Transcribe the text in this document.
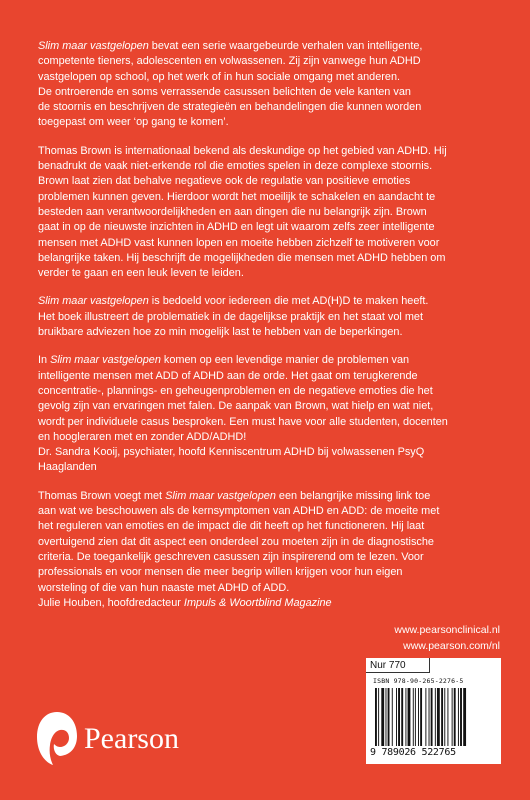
Slim maar vastgelopen bevat een serie waargebeurde verhalen van intelligente,

competente tieners, adolescenten en volwassenen. Zij zijn vanwege hun ADHD

vastgelopen op school, op het werk of in hun sociale omgang met anderen.

De ontroerende en soms verrassende casussen belichten de vele kanten van

de stoornis en beschrijven de strategieën en behandelingen die kunnen worden

toegepast om weer ‘op gang te komen’.

Thomas Brown is internationaal bekend als deskundige op het gebied van ADHD. Hij

benadrukt de vaak niet-erkende rol die emoties spelen in deze complexe stoornis.

Brown laat zien dat behalve negatieve ook de regulatie van positieve emoties

problemen kunnen geven. Hierdoor wordt het moeilijk te schakelen en aandacht te

besteden aan verantwoordelijkheden en aan dingen die nu belangrijk zijn. Brown

gaat in op de nieuwste inzichten in ADHD en legt uit waarom zelfs zeer intelligente

mensen met ADHD vast kunnen lopen en moeite hebben zichzelf te motiveren voor

belangrijke taken. Hij beschrijft de mogelijkheden die mensen met ADHD hebben om

verder te gaan en een leuk leven te leiden.

Slim maar vastgelopen is bedoeld voor iedereen die met AD(H)D te maken heeft.

Het boek illustreert de problematiek in de dagelijkse praktijk en het staat vol met

bruikbare adviezen hoe zo min mogelijk last te hebben van de beperkingen.

In Slim maar vastgelopen komen op een levendige manier de problemen van

intelligente mensen met ADD of ADHD aan de orde. Het gaat om terugkerende

concentratie-, plannings- en geheugenproblemen en de negatieve emoties die het

gevolg zijn van ervaringen met falen. De aanpak van Brown, wat hielp en wat niet,

wordt per individuele casus besproken. Een must have voor alle studenten, docenten

en hoogleraren met en zonder ADD/ADHD!

Dr. Sandra Kooij, psychiater, hoofd Kenniscentrum ADHD bij volwassenen PsyQ

Haaglanden

Thomas Brown voegt met Slim maar vastgelopen een belangrijke missing link toe

aan wat we beschouwen als de kernsymptomen van ADHD en ADD: de moeite met

het reguleren van emoties en de impact die dit heeft op het functioneren. Hij laat

overtuigend zien dat dit aspect een onderdeel zou moeten zijn in de diagnostische

criteria. De toegankelijk geschreven casussen zijn inspirerend om te lezen. Voor

professionals en voor mensen die meer begrip willen krijgen voor hun eigen

worsteling of die van hun naaste met ADHD of ADD.

Julie Houben, hoofdredacteur Impuls & Woortblind Magazine

www.pearsonclinical.nl
www.pearson.com/nl
Nur 770
ISBN 978-90-265-2276-5
9 789026 522765
Pearson
